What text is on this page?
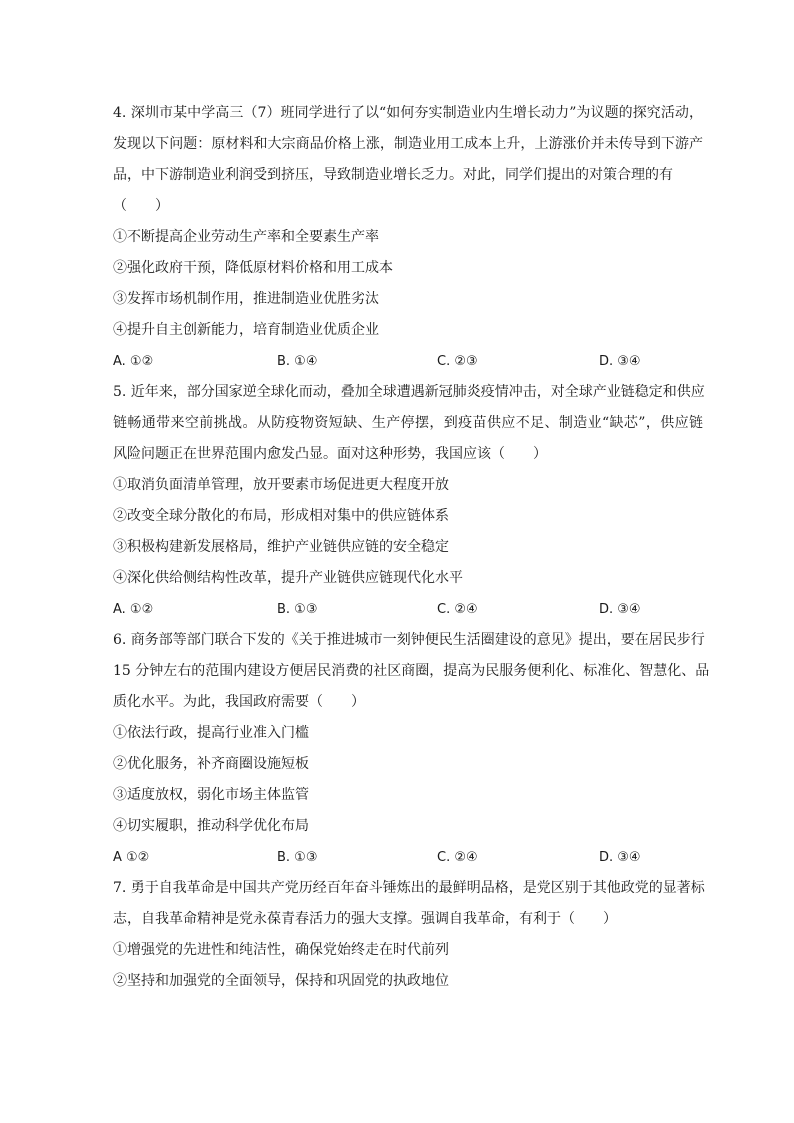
4. 深圳市某中学高三（7）班同学进行了以“如何夯实制造业内生增长动力”为议题的探究活动，
发现以下问题：原材料和大宗商品价格上涨，制造业用工成本上升，上游涨价并未传导到下游产
品，中下游制造业利润受到挤压，导致制造业增长乏力。对此，同学们提出的对策合理的有
（　　）
①不断提高企业劳动生产率和全要素生产率
②强化政府干预，降低原材料价格和用工成本
③发挥市场机制作用，推进制造业优胜劣汰
④提升自主创新能力，培育制造业优质企业
A. ①②	B. ①④	C. ②③	D. ③④
5. 近年来，部分国家逆全球化而动，叠加全球遭遇新冠肺炎疫情冲击，对全球产业链稳定和供应
链畅通带来空前挑战。从防疫物资短缺、生产停摆，到疫苗供应不足、制造业“缺芯”，供应链
风险问题正在世界范围内愈发凸显。面对这种形势，我国应该（　　）
①取消负面清单管理，放开要素市场促进更大程度开放
②改变全球分散化的布局，形成相对集中的供应链体系
③积极构建新发展格局，维护产业链供应链的安全稳定
④深化供给侧结构性改革，提升产业链供应链现代化水平
A. ①②	B. ①③	C. ②④	D. ③④
6. 商务部等部门联合下发的《关于推进城市一刻钟便民生活圈建设的意见》提出，要在居民步行
15 分钟左右的范围内建设方便居民消费的社区商圈，提高为民服务便利化、标准化、智慧化、品
质化水平。为此，我国政府需要（　　）
①依法行政，提高行业准入门槛
②优化服务，补齐商圈设施短板
③适度放权，弱化市场主体监管
④切实履职，推动科学优化布局
A ①②	B. ①③	C. ②④	D. ③④
7. 勇于自我革命是中国共产党历经百年奋斗锤炼出的最鲜明品格，是党区别于其他政党的显著标
志，自我革命精神是党永葆青春活力的强大支撑。强调自我革命，有利于（　　）
①增强党的先进性和纯洁性，确保党始终走在时代前列
②坚持和加强党的全面领导，保持和巩固党的执政地位
